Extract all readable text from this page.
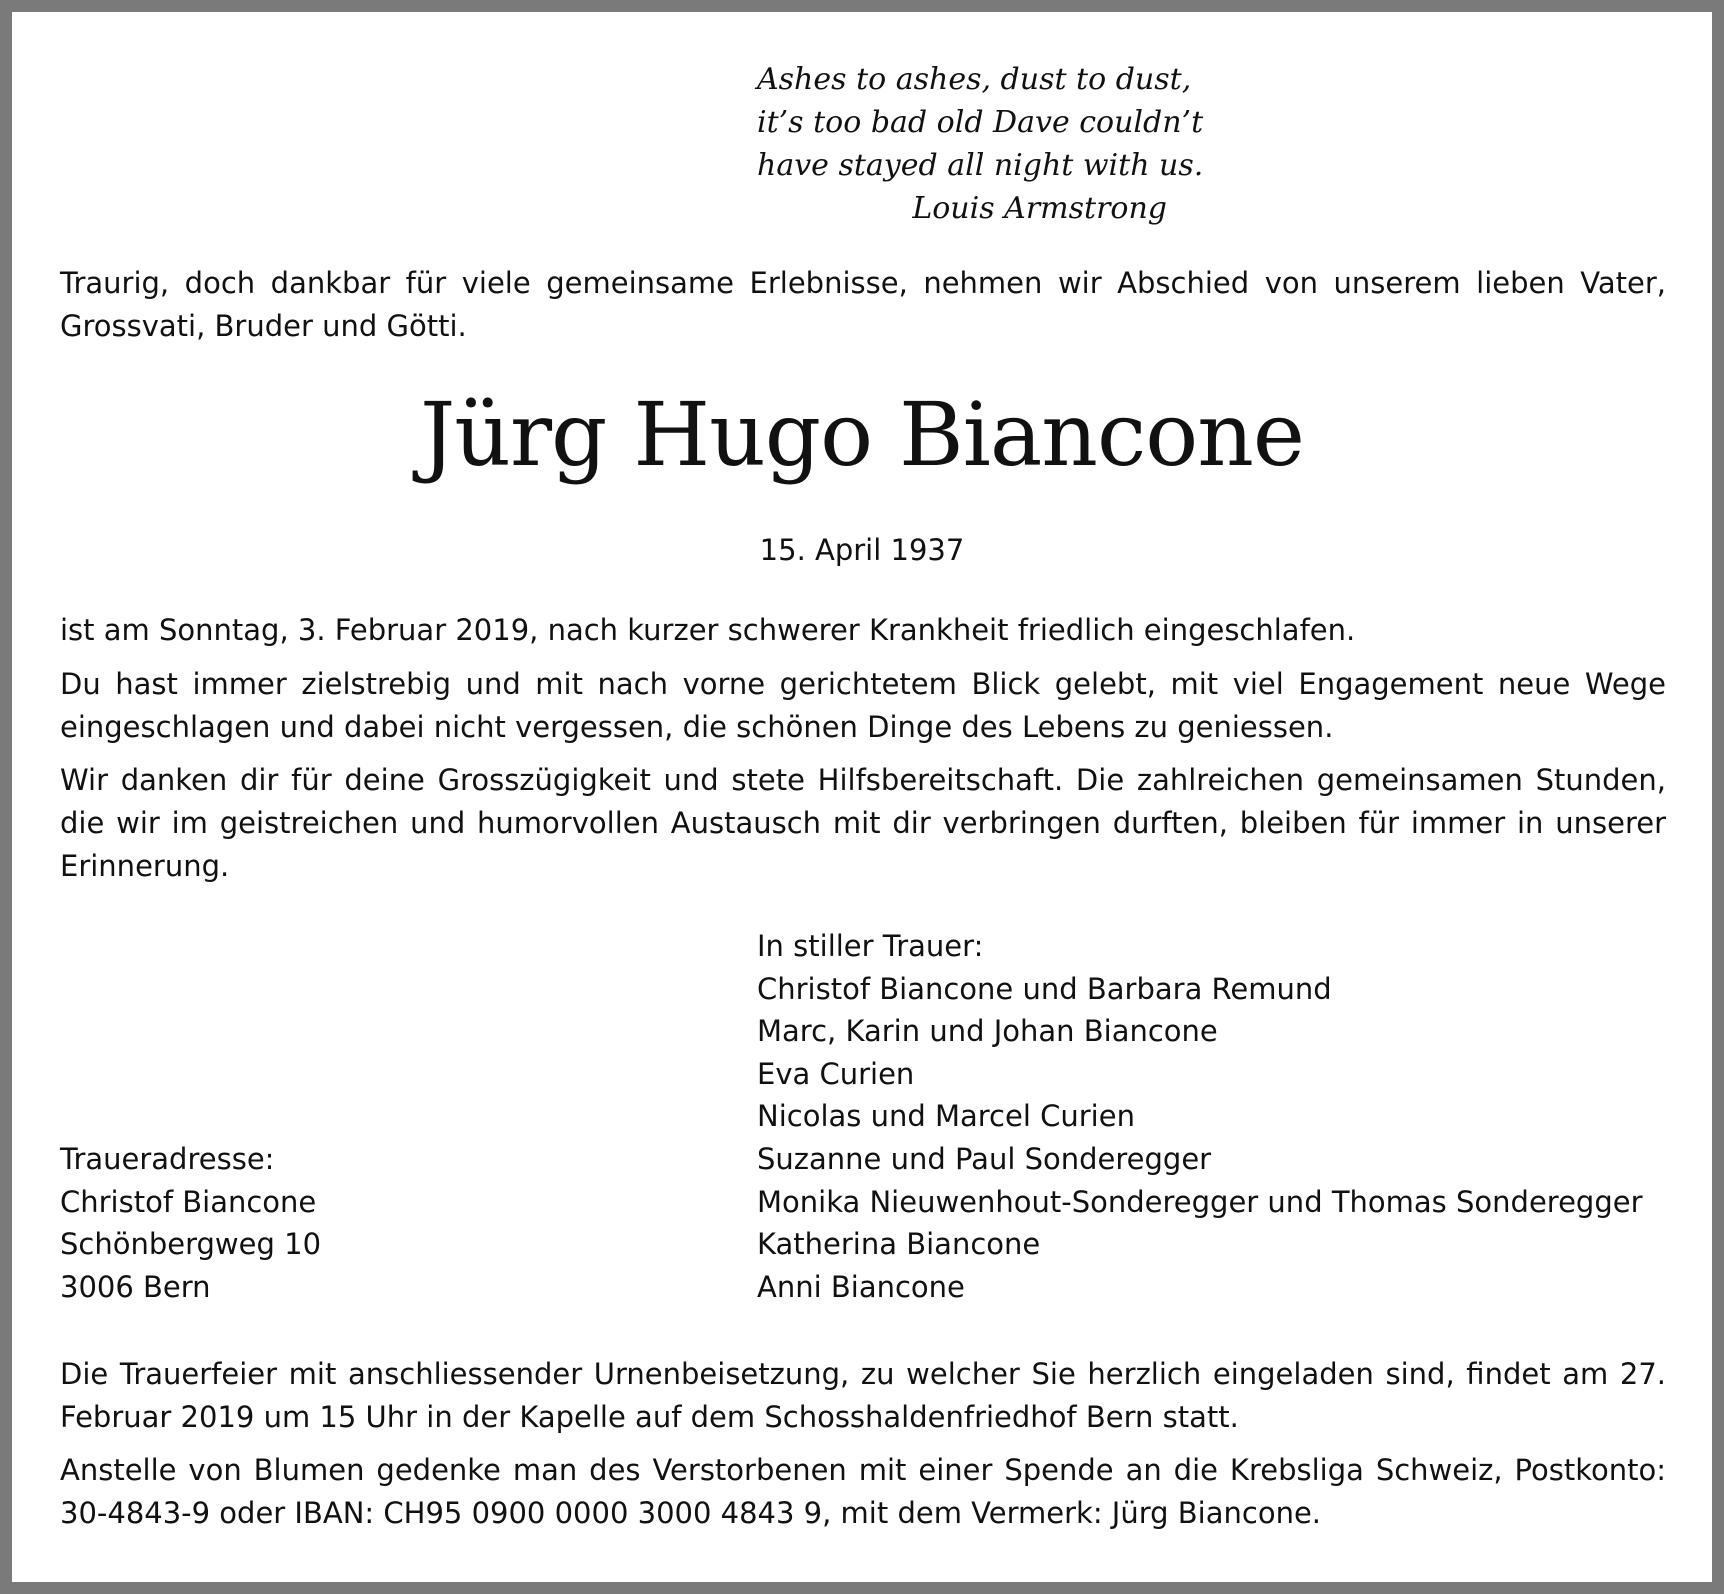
Ashes to ashes, dust to dust,
it’s too bad old Dave couldn’t
have stayed all night with us.
Louis Armstrong

Traurig, doch dankbar für viele gemeinsame Erlebnisse, nehmen wir Abschied von unserem lieben Vater, Grossvati, Bruder und Götti.

Jürg Hugo Biancone
15. April 1937

ist am Sonntag, 3. Februar 2019, nach kurzer schwerer Krankheit friedlich eingeschlafen.

Du hast immer zielstrebig und mit nach vorne gerichtetem Blick gelebt, mit viel Engagement neue Wege eingeschlagen und dabei nicht vergessen, die schönen Dinge des Lebens zu geniessen.

Wir danken dir für deine Grosszügigkeit und stete Hilfsbereitschaft. Die zahlreichen gemeinsamen Stunden, die wir im geistreichen und humorvollen Austausch mit dir verbringen durften, bleiben für immer in unserer Erinnerung.

In stiller Trauer:
Christof Biancone und Barbara Remund
Marc, Karin und Johan Biancone
Eva Curien
Nicolas und Marcel Curien
Suzanne und Paul Sonderegger
Monika Nieuwenhout-Sonderegger und Thomas Sonderegger
Katherina Biancone
Anni Biancone
Traueradresse:
Christof Biancone
Schönbergweg 10
3006 Bern

Die Trauerfeier mit anschliessender Urnenbeisetzung, zu welcher Sie herzlich eingeladen sind, findet am 27. Februar 2019 um 15 Uhr in der Kapelle auf dem Schosshaldenfriedhof Bern statt.

Anstelle von Blumen gedenke man des Verstorbenen mit einer Spende an die Krebsliga Schweiz, Postkonto: 30-4843-9 oder IBAN: CH95 0900 0000 3000 4843 9, mit dem Vermerk: Jürg Biancone.
